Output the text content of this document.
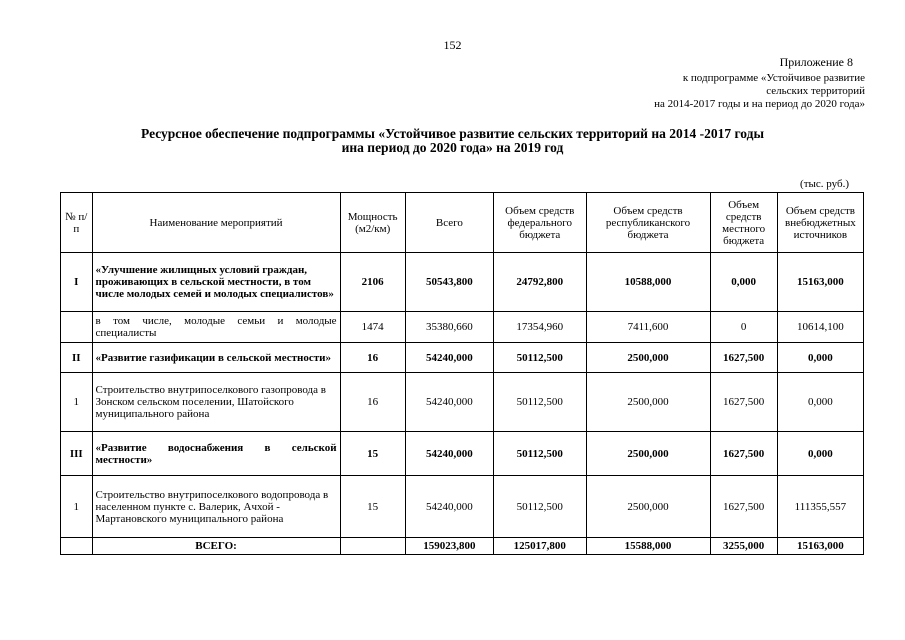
152
Приложение 8
к подпрограмме «Устойчивое развитие
сельских территорий
на 2014-2017 годы и на период до 2020 года»
Ресурсное обеспечение подпрограммы «Устойчивое развитие сельских территорий на 2014 -2017 годы
ина период до 2020 года» на 2019 год
(тыс. руб.)
№ п/п	Наименование мероприятий	Мощность (м2/км)	Всего	Объем средств федерального бюджета	Объем средств республиканского бюджета	Объем средств местного бюджета	Объем средств внебюджетных источников
I	«Улучшение жилищных условий граждан, проживающих в сельской местности, в том числе молодых семей и молодых специалистов»	2106	50543,800	24792,800	10588,000	0,000	15163,000
	в том числе, молодые семьи и молодые специалисты	1474	35380,660	17354,960	7411,600	0	10614,100
II	«Развитие газификации в сельской местности»	16	54240,000	50112,500	2500,000	1627,500	0,000
1	Строительство внутрипоселкового газопровода в Зонском сельском поселении, Шатойского муниципального района	16	54240,000	50112,500	2500,000	1627,500	0,000
III	«Развитие водоснабжения в сельской местности»	15	54240,000	50112,500	2500,000	1627,500	0,000
1	Строительство внутрипоселкового водопровода в населенном пункте с. Валерик, Ачхой - Мартановского муниципального района	15	54240,000	50112,500	2500,000	1627,500	111355,557
	ВСЕГО:		159023,800	125017,800	15588,000	3255,000	15163,000
